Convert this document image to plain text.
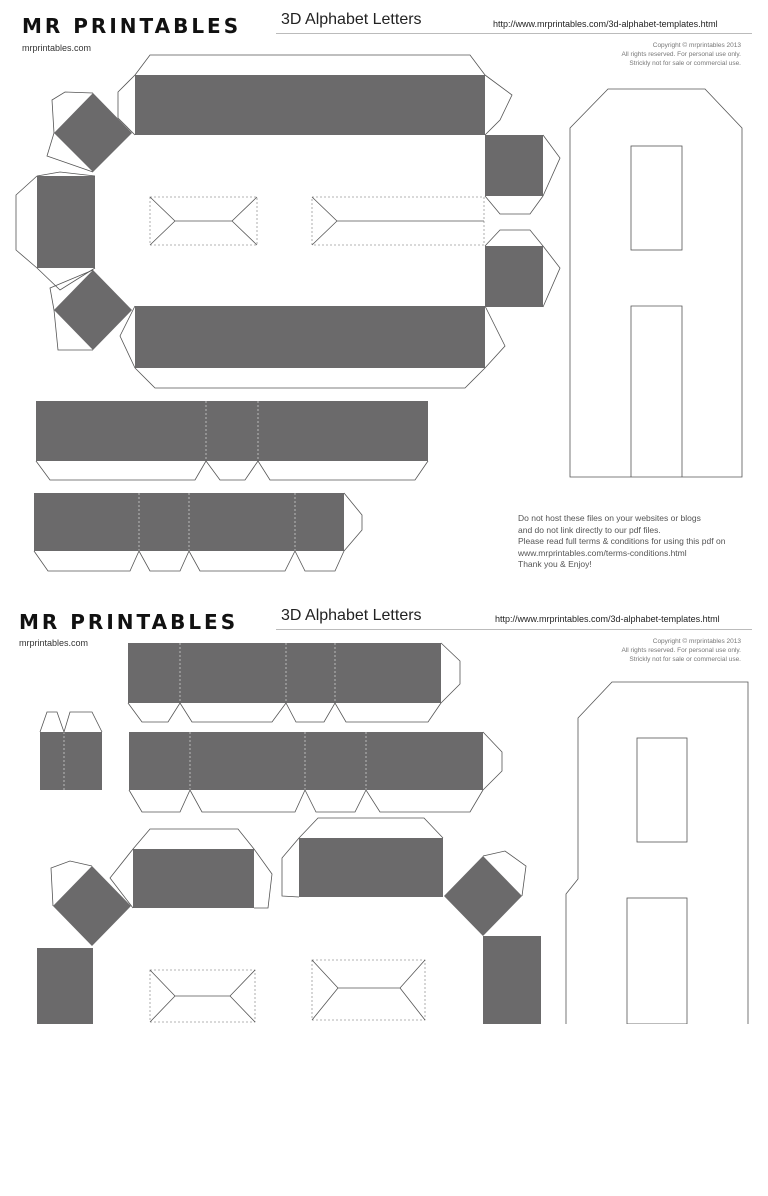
MR PRINTABLES
mrprintables.com
3D Alphabet Letters	http://www.mrprintables.com/3d-alphabet-templates.html
Copyright © mrprintables 2013
All rights reserved. For personal use only.
Strickly not for sale or commercial use.
Do not host these files on your websites or blogs
and do not link directly to our pdf files.
Please read full terms & conditions for using this pdf on
www.mrprintables.com/terms-conditions.html
Thank you & Enjoy!
MR PRINTABLES
mrprintables.com
3D Alphabet Letters	http://www.mrprintables.com/3d-alphabet-templates.html
Copyright © mrprintables 2013
All rights reserved. For personal use only.
Strickly not for sale or commercial use.
